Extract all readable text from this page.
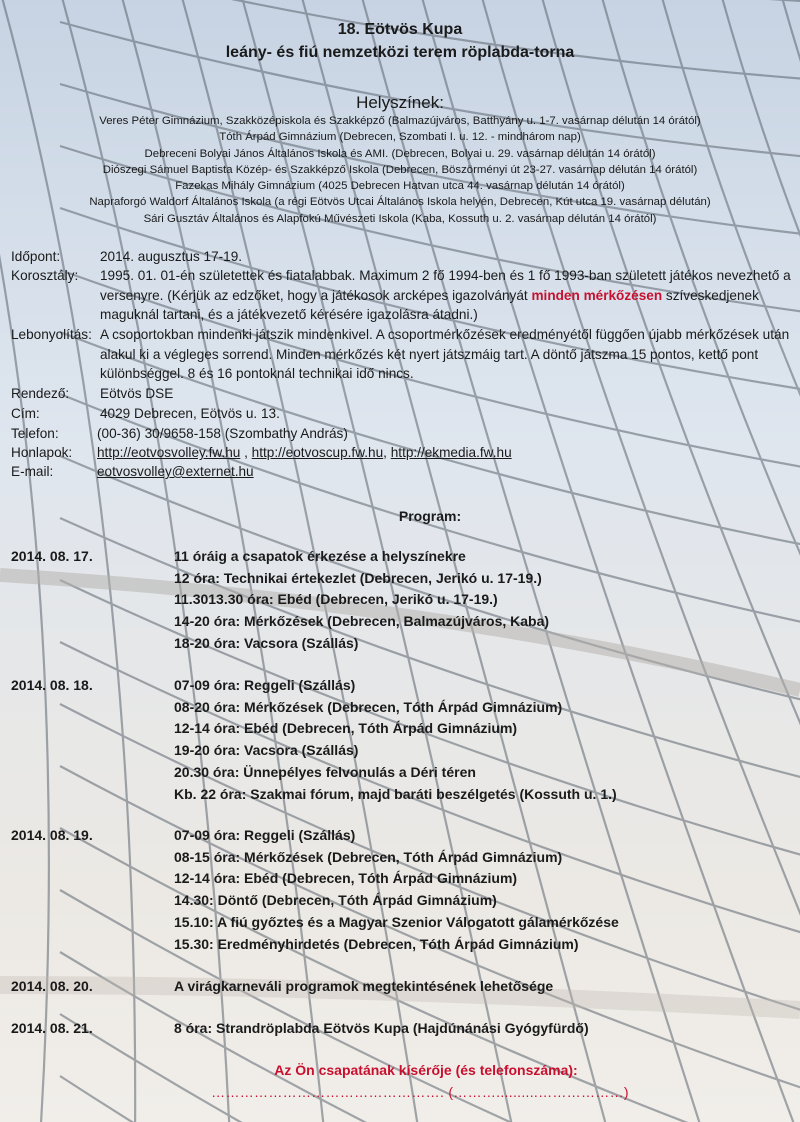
18. Eötvös Kupa
leány- és fiú nemzetközi terem röplabda-torna
Helyszínek:
Veres Péter Gimnázium, Szakközépiskola és Szakképző (Balmazújváros, Batthyány u. 1-7. vasárnap délután 14 órától)
Tóth Árpád Gimnázium (Debrecen, Szombati I. u. 12. - mindhárom nap)
Debreceni Bolyai János Általános Iskola és AMI. (Debrecen, Bolyai u. 29. vasárnap délután 14 órától)
Diószegi Sámuel Baptista Közép- és Szakképző Iskola (Debrecen, Böszörményi út 23-27. vasárnap délután 14 órától)
Fazekas Mihály Gimnázium (4025 Debrecen Hatvan utca 44. vasárnap délután 14 órától)
Napraforgó Waldorf Általános Iskola (a régi Eötvös Utcai Általános Iskola helyén, Debrecen, Kút utca 19. vasárnap délután)
Sári Gusztáv Általános és Alapfokú Művészeti Iskola (Kaba, Kossuth u. 2. vasárnap délután 14 órától)
Időpont:	2014. augusztus 17-19.
Korosztály:	1995. 01. 01-én születettek és fiatalabbak. Maximum 2 fő 1994-ben és 1 fő 1993-ban született játékos nevezhető a versenyre. (Kérjük az edzőket, hogy a játékosok arcképes igazolványát minden mérkőzésen szíveskedjenek maguknál tartani, és a játékvezető kérésére igazolásra átadni.)
Lebonyolítás: A csoportokban mindenki játszik mindenkivel. A csoportmérkőzések eredményétől függően újabb mérkőzések után alakul ki a végleges sorrend. Minden mérkőzés két nyert játszmáig tart. A döntő játszma 15 pontos, kettő pont különbséggel. 8 és 16 pontoknál technikai idő nincs.
Rendező:	Eötvös DSE
Cím:	4029 Debrecen, Eötvös u. 13.
Telefon:	(00-36) 30/9658-158 (Szombathy András)
Honlapok:	http://eotvosvolley.fw.hu , http://eotvoscup.fw.hu, http://ekmedia.fw.hu
E-mail:	eotvosvolley@externet.hu
Program:
2014. 08. 17.	11 óráig a csapatok érkezése a helyszínekre
12 óra: Technikai értekezlet (Debrecen, Jerikó u. 17-19.)
11.3013.30 óra: Ebéd (Debrecen, Jerikó u. 17-19.)
14-20 óra: Mérkőzések (Debrecen, Balmazújváros, Kaba)
18-20 óra: Vacsora (Szállás)
2014. 08. 18.	07-09 óra: Reggeli (Szállás)
08-20 óra: Mérkőzések (Debrecen, Tóth Árpád Gimnázium)
12-14 óra: Ebéd (Debrecen, Tóth Árpád Gimnázium)
19-20 óra: Vacsora (Szállás)
20.30 óra: Ünnepélyes felvonulás a Déri téren
Kb. 22 óra: Szakmai fórum, majd baráti beszélgetés (Kossuth u. 1.)
2014. 08. 19.	07-09 óra: Reggeli (Szállás)
08-15 óra: Mérkőzések (Debrecen, Tóth Árpád Gimnázium)
12-14 óra: Ebéd (Debrecen, Tóth Árpád Gimnázium)
14.30: Döntő (Debrecen, Tóth Árpád Gimnázium)
15.10: A fiú győztes és a Magyar Szenior Válogatott gálamérkőzése
15.30: Eredményhirdetés (Debrecen, Tóth Árpád Gimnázium)
2014. 08. 20.	A virágkarneváli programok megtekintésének lehetősége
2014. 08. 21.	8 óra: Strandröplabda Eötvös Kupa (Hajdúnánási Gyógyfürdő)
Az Ön csapatának kísérője (és telefonszáma):
…………………………………………. (………..........………………)
